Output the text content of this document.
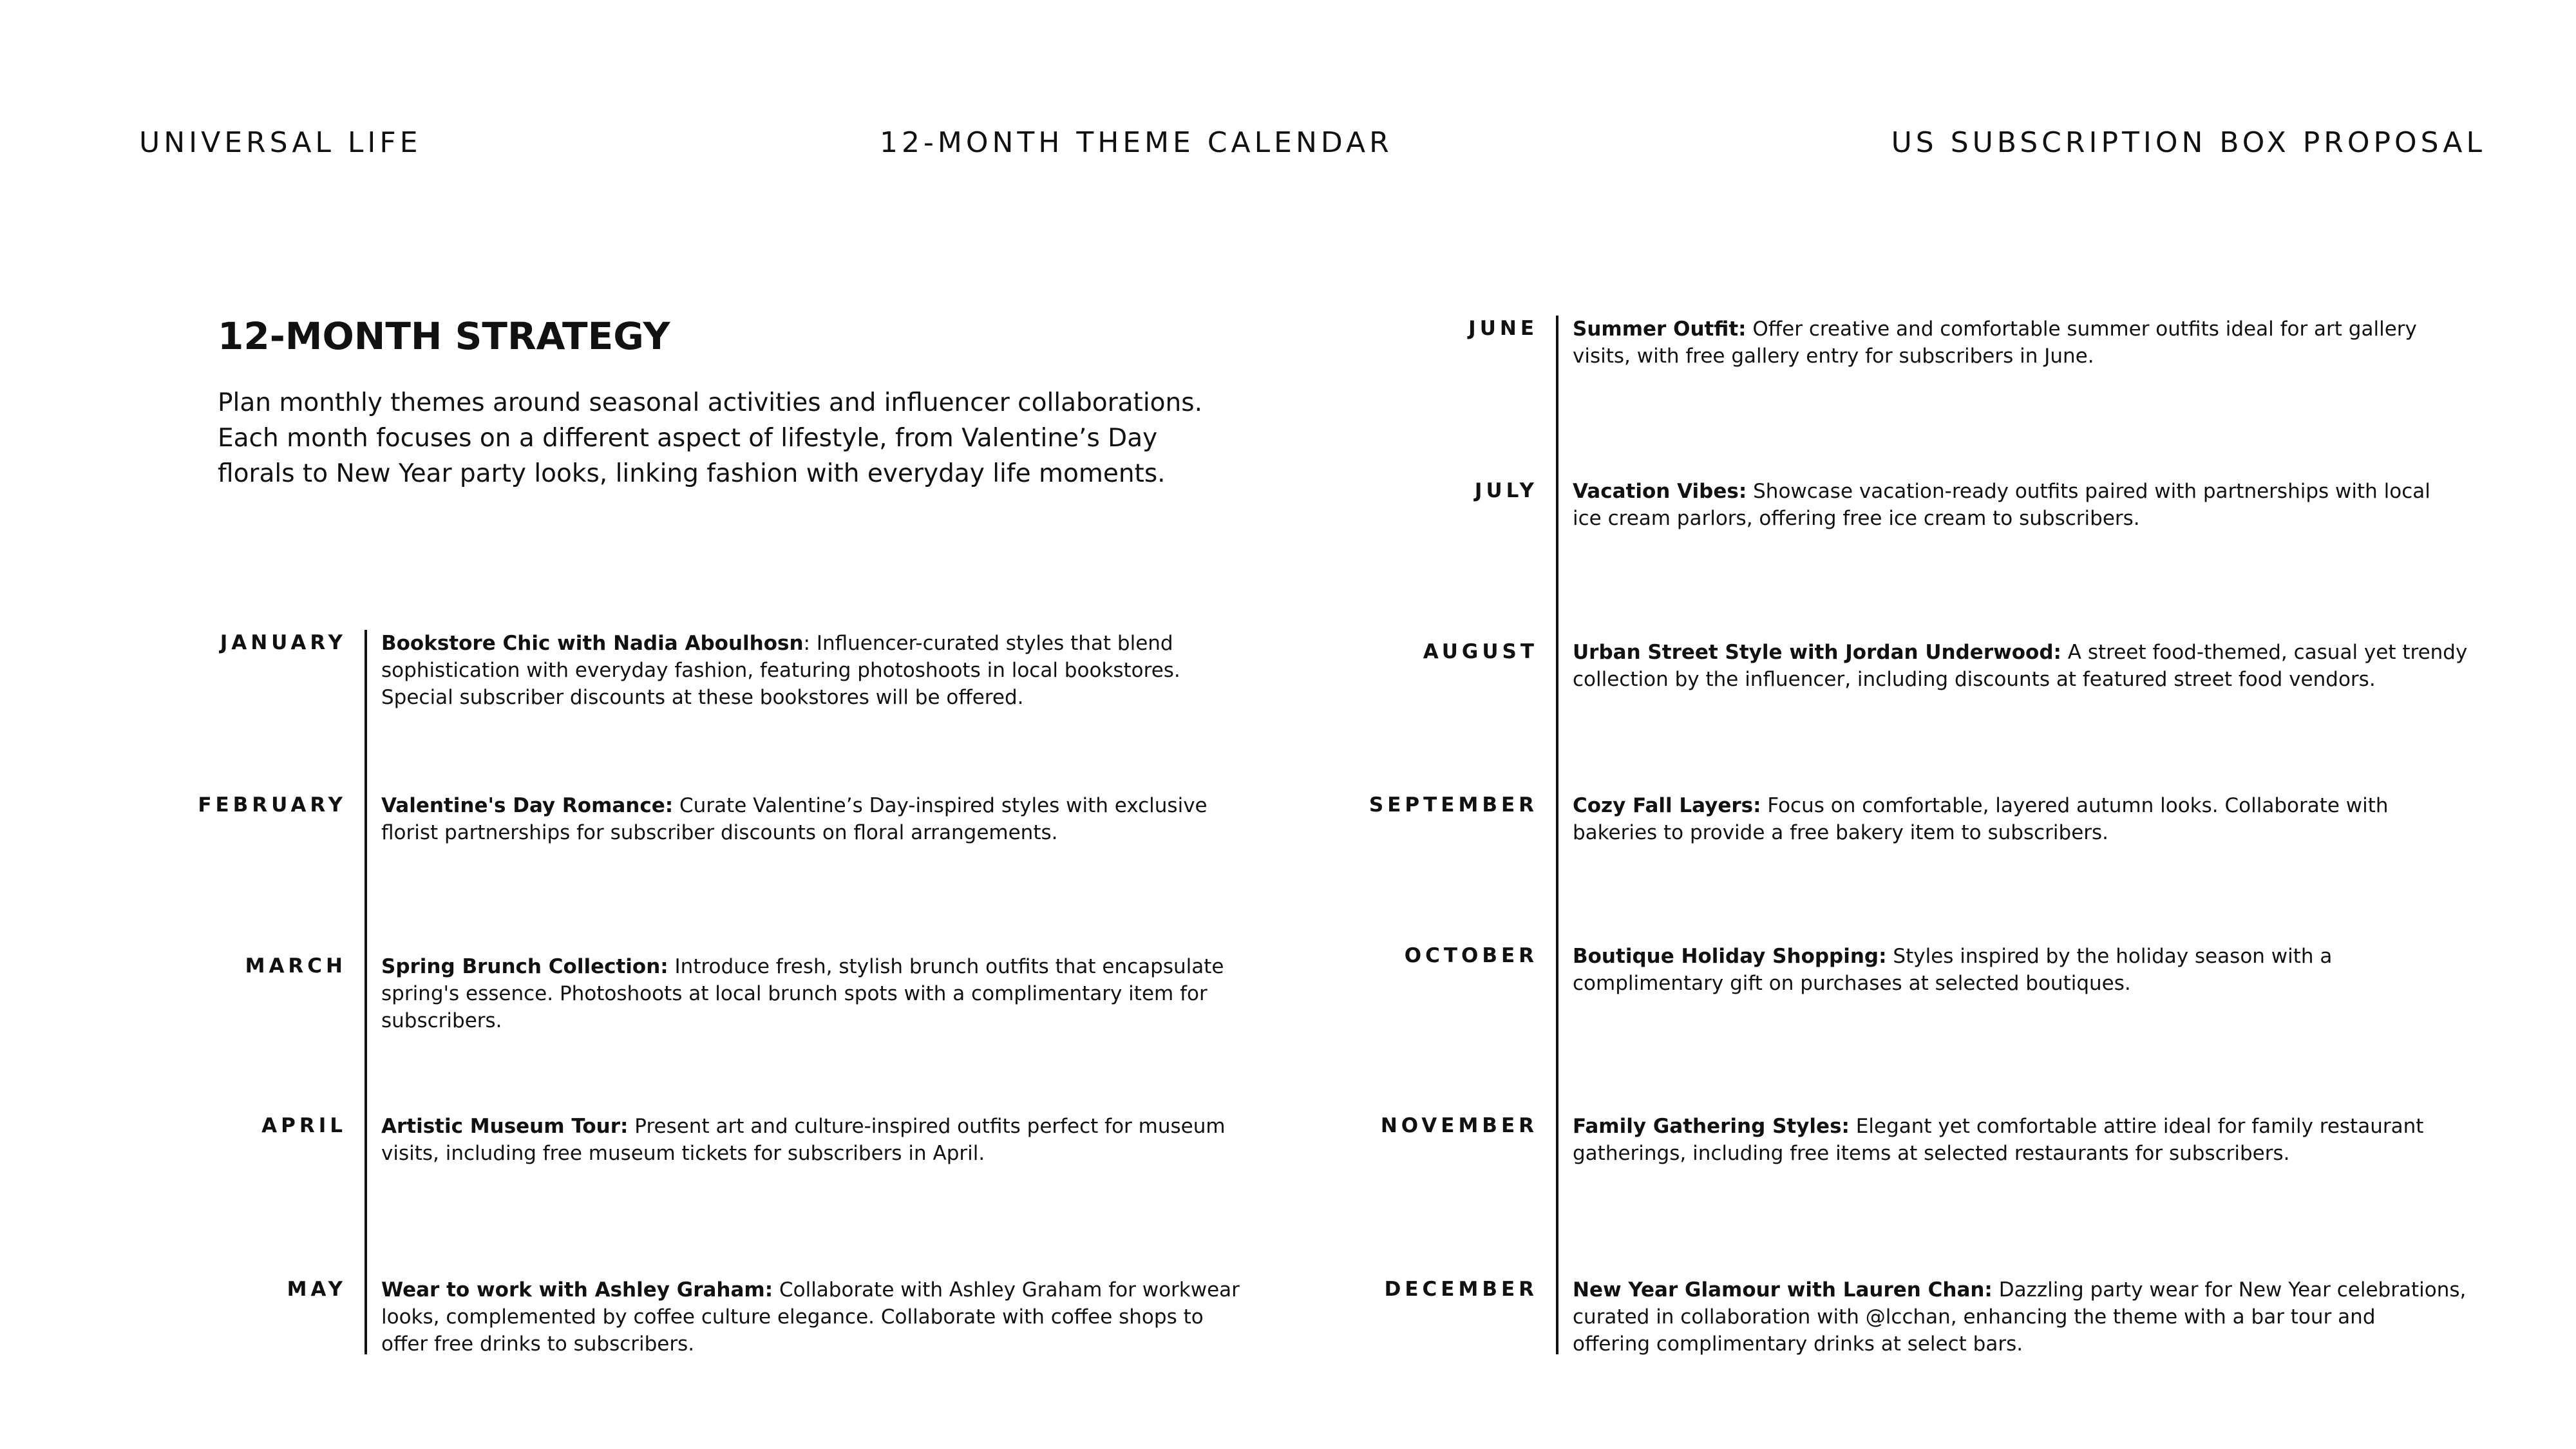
UNIVERSAL LIFE	12-MONTH THEME CALENDAR	US SUBSCRIPTION BOX PROPOSAL
12-MONTH STRATEGY
Plan monthly themes around seasonal activities and influencer collaborations.
Each month focuses on a different aspect of lifestyle, from Valentine’s Day
florals to New Year party looks, linking fashion with everyday life moments.
JANUARY Bookstore Chic with Nadia Aboulhosn: Influencer-curated styles that blend
sophistication with everyday fashion, featuring photoshoots in local bookstores.
Special subscriber discounts at these bookstores will be offered.
FEBRUARY Valentine's Day Romance: Curate Valentine’s Day-inspired styles with exclusive
florist partnerships for subscriber discounts on floral arrangements.
MARCH Spring Brunch Collection: Introduce fresh, stylish brunch outfits that encapsulate
spring's essence. Photoshoots at local brunch spots with a complimentary item for
subscribers.
APRIL Artistic Museum Tour: Present art and culture-inspired outfits perfect for museum
visits, including free museum tickets for subscribers in April.
MAY Wear to work with Ashley Graham: Collaborate with Ashley Graham for workwear
looks, complemented by coffee culture elegance. Collaborate with coffee shops to
offer free drinks to subscribers.
JUNE Summer Outfit: Offer creative and comfortable summer outfits ideal for art gallery
visits, with free gallery entry for subscribers in June.
JULY Vacation Vibes: Showcase vacation-ready outfits paired with partnerships with local
ice cream parlors, offering free ice cream to subscribers.
AUGUST Urban Street Style with Jordan Underwood: A street food-themed, casual yet trendy
collection by the influencer, including discounts at featured street food vendors.
SEPTEMBER Cozy Fall Layers: Focus on comfortable, layered autumn looks. Collaborate with
bakeries to provide a free bakery item to subscribers.
OCTOBER Boutique Holiday Shopping: Styles inspired by the holiday season with a
complimentary gift on purchases at selected boutiques.
NOVEMBER Family Gathering Styles: Elegant yet comfortable attire ideal for family restaurant
gatherings, including free items at selected restaurants for subscribers.
DECEMBER New Year Glamour with Lauren Chan: Dazzling party wear for New Year celebrations,
curated in collaboration with @lcchan, enhancing the theme with a bar tour and
offering complimentary drinks at select bars.
